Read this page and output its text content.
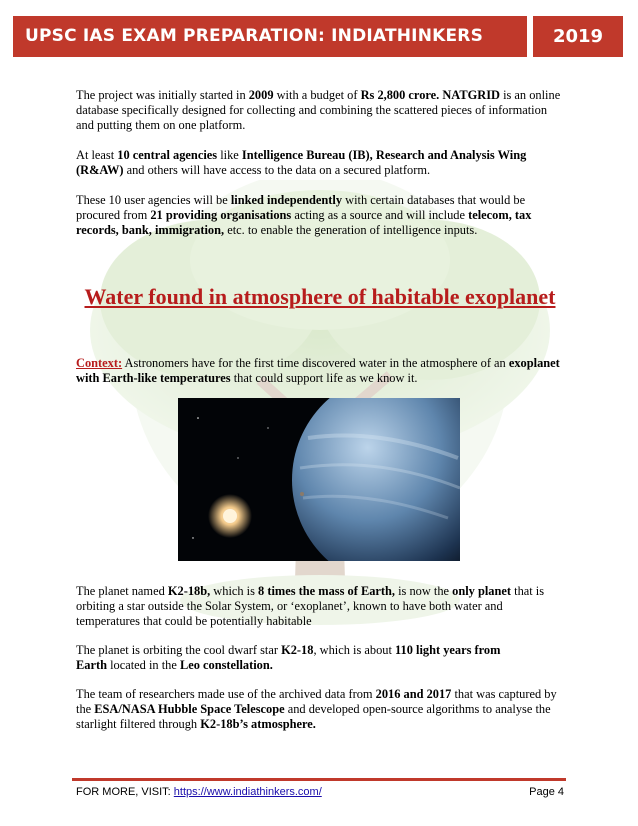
UPSC IAS EXAM PREPARATION: INDIATHINKERS	2019

The project was initially started in 2009 with a budget of Rs 2,800 crore. NATGRID is an online database specifically designed for collecting and combining the scattered pieces of information and putting them on one platform.

At least 10 central agencies like Intelligence Bureau (IB), Research and Analysis Wing (R&AW) and others will have access to the data on a secured platform.

These 10 user agencies will be linked independently with certain databases that would be procured from 21 providing organisations acting as a source and will include telecom, tax records, bank, immigration, etc. to enable the generation of intelligence inputs.

Water found in atmosphere of habitable exoplanet
Context: Astronomers have for the first time discovered water in the atmosphere of an exoplanet with Earth-like temperatures that could support life as we know it.

The planet named K2-18b, which is 8 times the mass of Earth, is now the only planet that is orbiting a star outside the Solar System, or ‘exoplanet’, known to have both water and temperatures that could be potentially habitable

The planet is orbiting the cool dwarf star K2-18, which is about 110 light years from
Earth located in the Leo constellation.

The team of researchers made use of the archived data from 2016 and 2017 that was captured by the ESA/NASA Hubble Space Telescope and developed open-source algorithms to analyse the starlight filtered through K2-18b’s atmosphere.

FOR MORE, VISIT: https://www.indiathinkers.com/	Page 4
